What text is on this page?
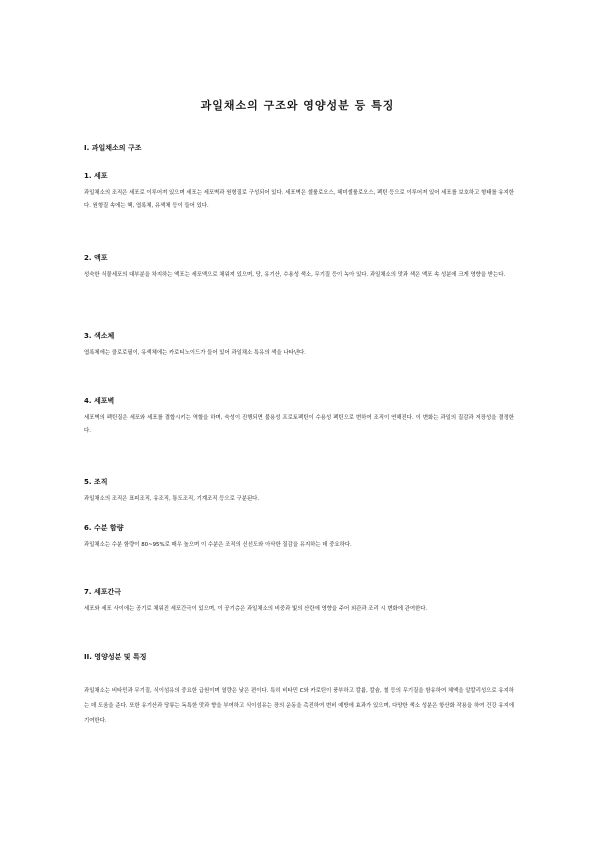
과일채소의 구조와 영양성분 등 특징
I. 과일채소의 구조
1. 세포
과일채소의 조직은 세포로 이루어져 있으며 세포는 세포벽과 원형질로 구성되어 있다. 세포벽은 셀룰로오스, 헤미셀룰로오스, 펙틴 등으로 이루어져 있어 세포를 보호하고 형태를 유지한다. 원형질 속에는 핵, 엽록체, 유색체 등이 들어 있다.
2. 액포
성숙한 식물세포의 대부분을 차지하는 액포는 세포액으로 채워져 있으며, 당, 유기산, 수용성 색소, 무기질 등이 녹아 있다. 과일채소의 맛과 색은 액포 속 성분에 크게 영향을 받는다.
3. 색소체
엽록체에는 클로로필이, 유색체에는 카로티노이드가 들어 있어 과일채소 특유의 색을 나타낸다.
4. 세포벽
세포벽의 펙틴질은 세포와 세포를 결합시키는 역할을 하며, 숙성이 진행되면 불용성 프로토펙틴이 수용성 펙틴으로 변하여 조직이 연해진다. 이 변화는 과일의 질감과 저장성을 결정한다.
5. 조직
과일채소의 조직은 표피조직, 유조직, 통도조직, 기계조직 등으로 구분된다.
6. 수분 함량
과일채소는 수분 함량이 80~95%로 매우 높으며 이 수분은 조직의 신선도와 아삭한 질감을 유지하는 데 중요하다.
7. 세포간극
세포와 세포 사이에는 공기로 채워진 세포간극이 있으며, 이 공기층은 과일채소의 비중과 빛의 산란에 영향을 주어 외관과 조리 시 변화에 관여한다.
II. 영양성분 및 특징
과일채소는 비타민과 무기질, 식이섬유의 중요한 급원이며 열량은 낮은 편이다. 특히 비타민 C와 카로틴이 풍부하고 칼륨, 칼슘, 철 등의 무기질을 함유하여 체액을 알칼리성으로 유지하는 데 도움을 준다. 또한 유기산과 당류는 독특한 맛과 향을 부여하고 식이섬유는 장의 운동을 촉진하여 변비 예방에 효과가 있으며, 다양한 색소 성분은 항산화 작용을 하여 건강 유지에 기여한다.
